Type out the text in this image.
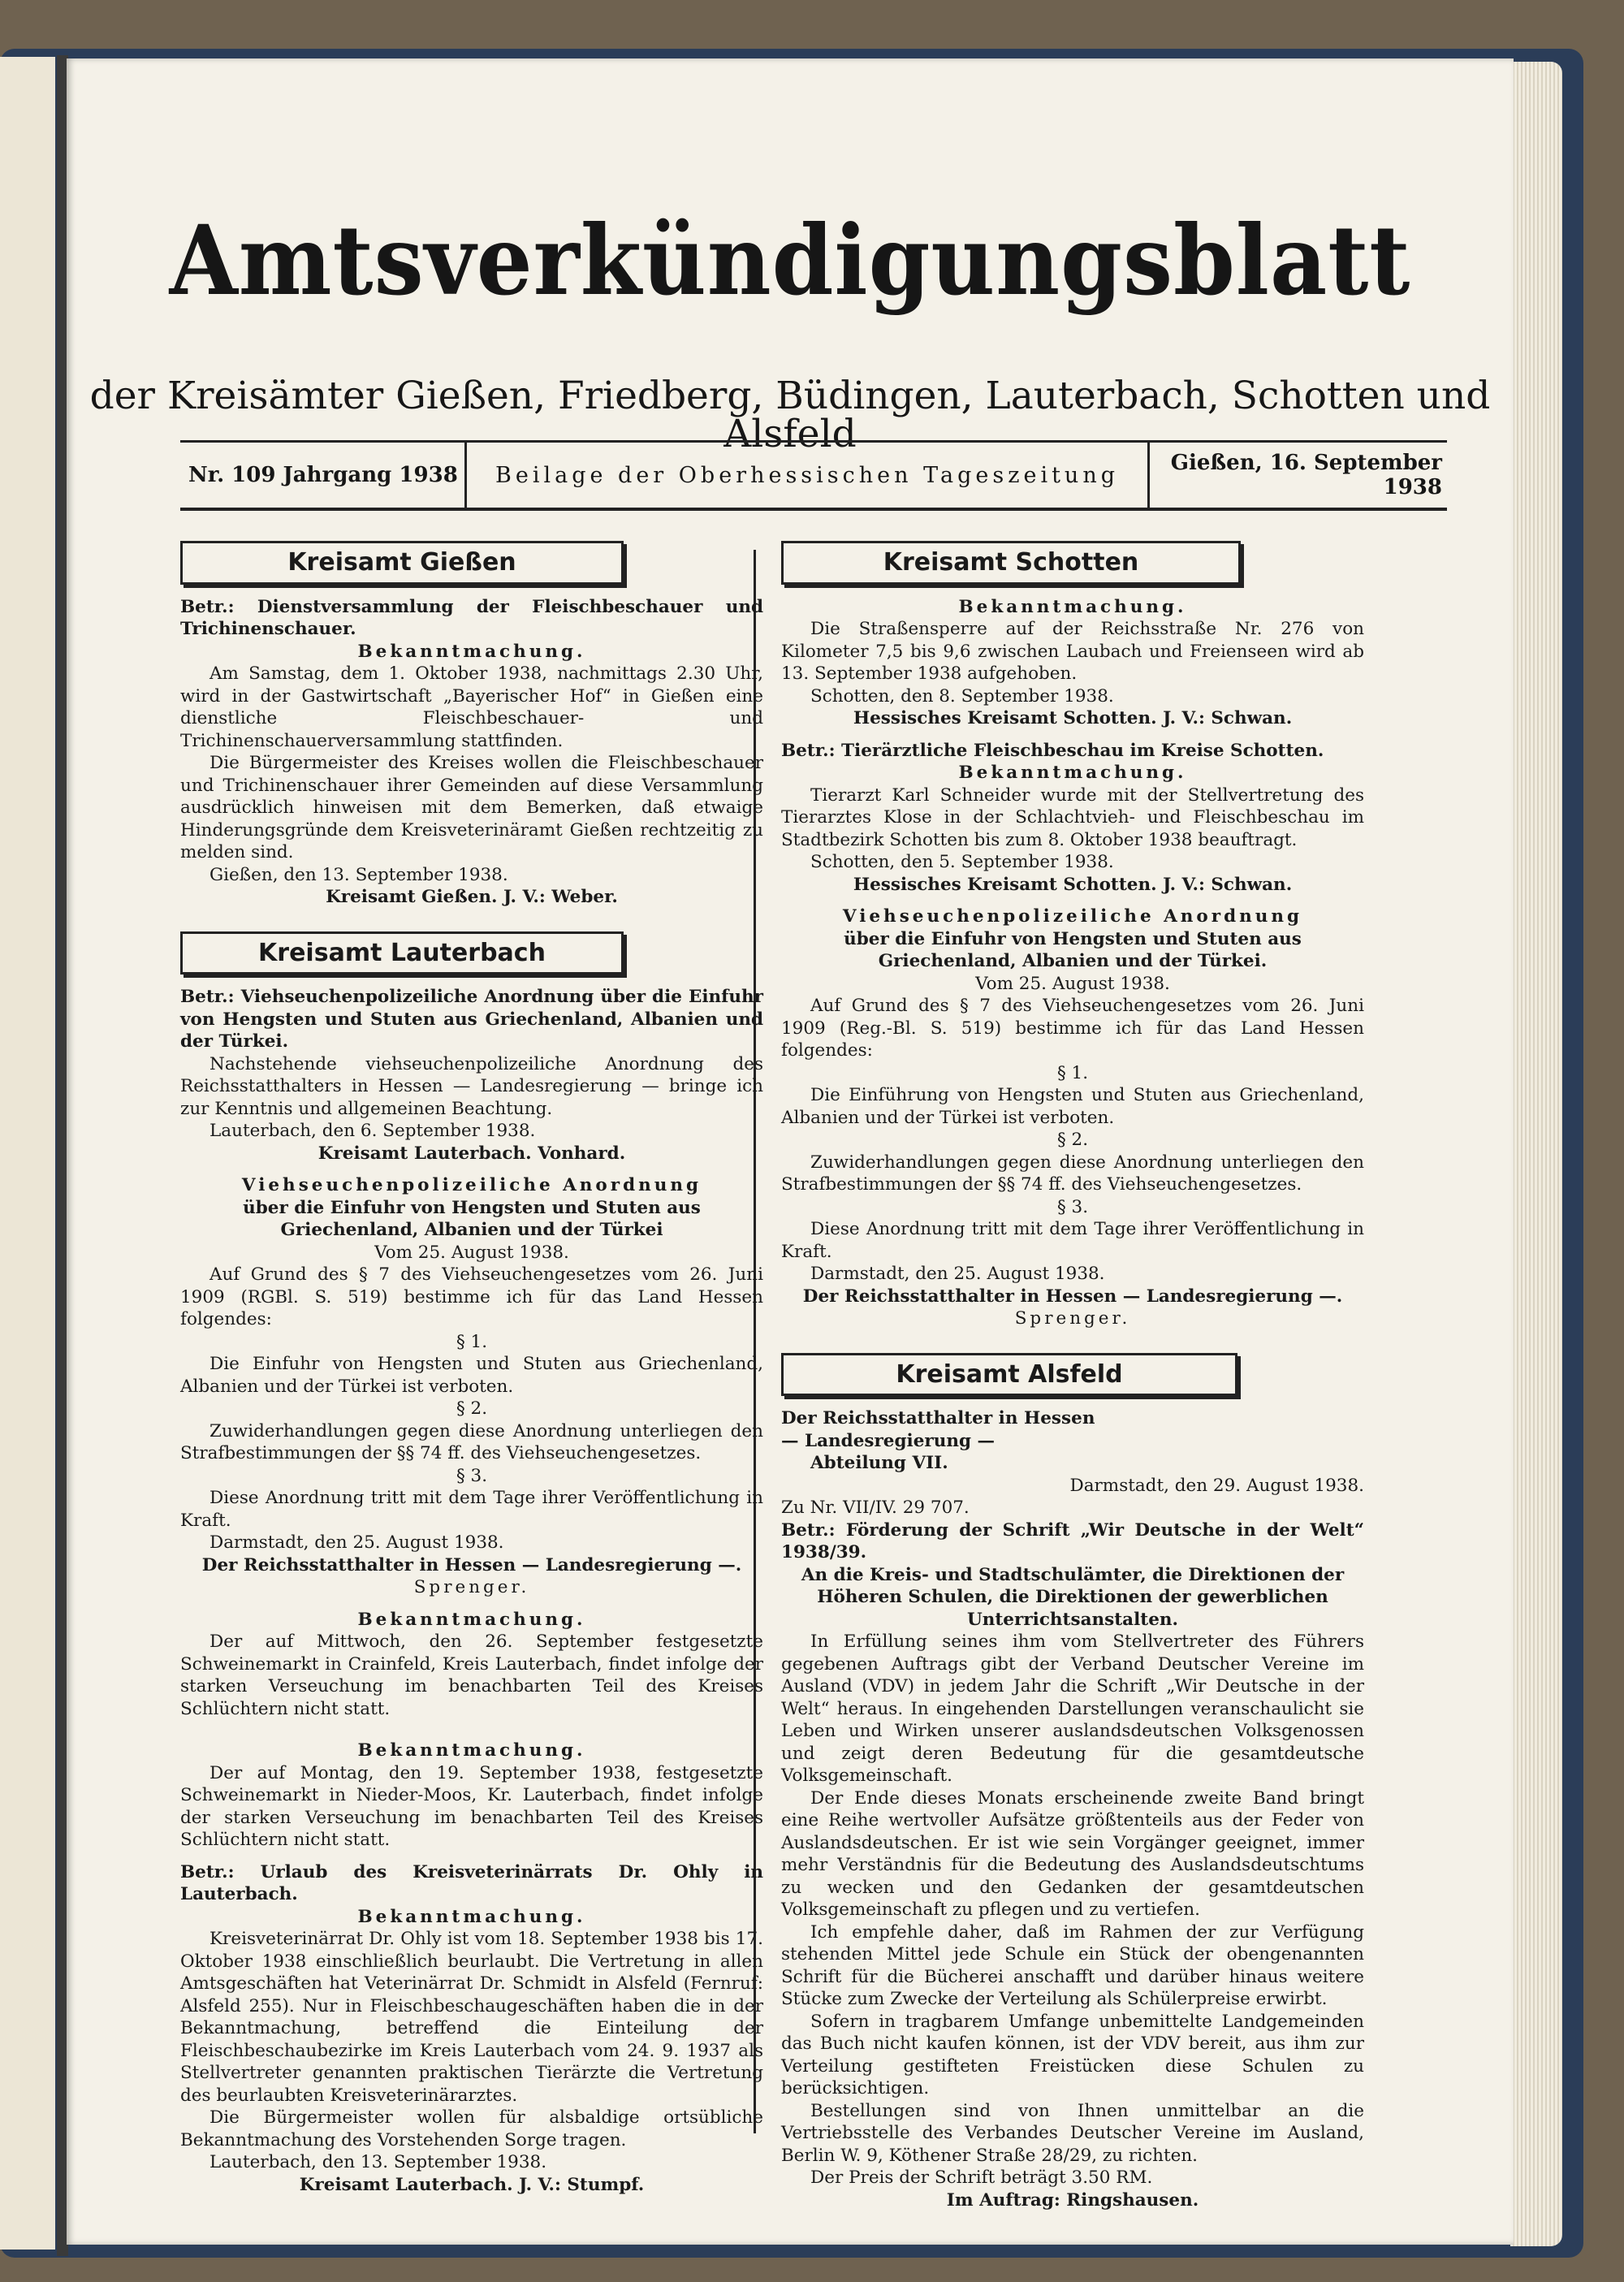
Amtsverkündigungsblatt
der Kreisämter Gießen, Friedberg, Büdingen, Lauterbach, Schotten und Alsfeld
Nr. 109 Jahrgang 1938	Beilage der Oberhessischen Tageszeitung	Gießen, 16. September 1938
Kreisamt Gießen

Betr.: Dienstversammlung der Fleischbeschauer und Trichinenschauer.

Bekanntmachung.

Am Samstag, dem 1. Oktober 1938, nachmittags 2.30 Uhr, wird in der Gastwirtschaft „Bayerischer Hof“ in Gießen eine dienstliche Fleischbeschauer- und Trichinenschauerversammlung stattfinden.

Die Bürgermeister des Kreises wollen die Fleischbeschauer und Trichinenschauer ihrer Gemeinden auf diese Versammlung ausdrücklich hinweisen mit dem Bemerken, daß etwaige Hinderungsgründe dem Kreisveterinäramt Gießen rechtzeitig zu melden sind.

Gießen, den 13. September 1938.

Kreisamt Gießen. J. V.: Weber.

Kreisamt Lauterbach

Betr.: Viehseuchenpolizeiliche Anordnung über die Einfuhr von Hengsten und Stuten aus Griechenland, Albanien und der Türkei.

Nachstehende viehseuchenpolizeiliche Anordnung des Reichsstatthalters in Hessen — Landesregierung — bringe ich zur Kenntnis und allgemeinen Beachtung.

Lauterbach, den 6. September 1938.

Kreisamt Lauterbach. Vonhard.

Viehseuchenpolizeiliche Anordnung

über die Einfuhr von Hengsten und Stuten aus Griechenland, Albanien und der Türkei

Vom 25. August 1938.

Auf Grund des § 7 des Viehseuchengesetzes vom 26. Juni 1909 (RGBl. S. 519) bestimme ich für das Land Hessen folgendes:

§ 1.

Die Einfuhr von Hengsten und Stuten aus Griechenland, Albanien und der Türkei ist verboten.

§ 2.

Zuwiderhandlungen gegen diese Anordnung unterliegen den Strafbestimmungen der §§ 74 ff. des Viehseuchengesetzes.

§ 3.

Diese Anordnung tritt mit dem Tage ihrer Veröffentlichung in Kraft.

Darmstadt, den 25. August 1938.

Der Reichsstatthalter in Hessen — Landesregierung —.

Sprenger.

Bekanntmachung.

Der auf Mittwoch, den 26. September festgesetzte Schweinemarkt in Crainfeld, Kreis Lauterbach, findet infolge der starken Verseuchung im benachbarten Teil des Kreises Schlüchtern nicht statt.

Bekanntmachung.

Der auf Montag, den 19. September 1938, festgesetzte Schweinemarkt in Nieder-Moos, Kr. Lauterbach, findet infolge der starken Verseuchung im benachbarten Teil des Kreises Schlüchtern nicht statt.

Betr.: Urlaub des Kreisveterinärrats Dr. Ohly in Lauterbach.

Bekanntmachung.

Kreisveterinärrat Dr. Ohly ist vom 18. September 1938 bis 17. Oktober 1938 einschließlich beurlaubt. Die Vertretung in allen Amtsgeschäften hat Veterinärrat Dr. Schmidt in Alsfeld (Fernruf: Alsfeld 255). Nur in Fleischbeschaugeschäften haben die in der Bekanntmachung, betreffend die Einteilung der Fleischbeschaubezirke im Kreis Lauterbach vom 24. 9. 1937 als Stellvertreter genannten praktischen Tierärzte die Vertretung des beurlaubten Kreisveterinärarztes.

Die Bürgermeister wollen für alsbaldige ortsübliche Bekanntmachung des Vorstehenden Sorge tragen.

Lauterbach, den 13. September 1938.

Kreisamt Lauterbach. J. V.: Stumpf.

Kreisamt Schotten

Bekanntmachung.

Die Straßensperre auf der Reichsstraße Nr. 276 von Kilometer 7,5 bis 9,6 zwischen Laubach und Freienseen wird ab 13. September 1938 aufgehoben.

Schotten, den 8. September 1938.

Hessisches Kreisamt Schotten. J. V.: Schwan.

Betr.: Tierärztliche Fleischbeschau im Kreise Schotten.

Bekanntmachung.

Tierarzt Karl Schneider wurde mit der Stellvertretung des Tierarztes Klose in der Schlachtvieh- und Fleischbeschau im Stadtbezirk Schotten bis zum 8. Oktober 1938 beauftragt.

Schotten, den 5. September 1938.

Hessisches Kreisamt Schotten. J. V.: Schwan.

Viehseuchenpolizeiliche Anordnung

über die Einfuhr von Hengsten und Stuten aus Griechenland, Albanien und der Türkei.

Vom 25. August 1938.

Auf Grund des § 7 des Viehseuchengesetzes vom 26. Juni 1909 (Reg.-Bl. S. 519) bestimme ich für das Land Hessen folgendes:

§ 1.

Die Einführung von Hengsten und Stuten aus Griechenland, Albanien und der Türkei ist verboten.

§ 2.

Zuwiderhandlungen gegen diese Anordnung unterliegen den Strafbestimmungen der §§ 74 ff. des Viehseuchengesetzes.

§ 3.

Diese Anordnung tritt mit dem Tage ihrer Veröffentlichung in Kraft.

Darmstadt, den 25. August 1938.

Der Reichsstatthalter in Hessen — Landesregierung —.

Sprenger.

Kreisamt Alsfeld

Der Reichsstatthalter in Hessen

— Landesregierung —

Abteilung VII.

Darmstadt, den 29. August 1938.

Zu Nr. VII/IV. 29 707.

Betr.: Förderung der Schrift „Wir Deutsche in der Welt“ 1938/39.

An die Kreis- und Stadtschulämter, die Direktionen der Höheren Schulen, die Direktionen der gewerblichen Unterrichtsanstalten.

In Erfüllung seines ihm vom Stellvertreter des Führers gegebenen Auftrags gibt der Verband Deutscher Vereine im Ausland (VDV) in jedem Jahr die Schrift „Wir Deutsche in der Welt“ heraus. In eingehenden Darstellungen veranschaulicht sie Leben und Wirken unserer auslandsdeutschen Volksgenossen und zeigt deren Bedeutung für die gesamtdeutsche Volksgemeinschaft.

Der Ende dieses Monats erscheinende zweite Band bringt eine Reihe wertvoller Aufsätze größtenteils aus der Feder von Auslandsdeutschen. Er ist wie sein Vorgänger geeignet, immer mehr Verständnis für die Bedeutung des Auslandsdeutschtums zu wecken und den Gedanken der gesamtdeutschen Volksgemeinschaft zu pflegen und zu vertiefen.

Ich empfehle daher, daß im Rahmen der zur Verfügung stehenden Mittel jede Schule ein Stück der obengenannten Schrift für die Bücherei anschafft und darüber hinaus weitere Stücke zum Zwecke der Verteilung als Schülerpreise erwirbt.

Sofern in tragbarem Umfange unbemittelte Landgemeinden das Buch nicht kaufen können, ist der VDV bereit, aus ihm zur Verteilung gestifteten Freistücken diese Schulen zu berücksichtigen.

Bestellungen sind von Ihnen unmittelbar an die Vertriebsstelle des Verbandes Deutscher Vereine im Ausland, Berlin W. 9, Köthener Straße 28/29, zu richten.

Der Preis der Schrift beträgt 3.50 RM.

Im Auftrag: Ringshausen.
